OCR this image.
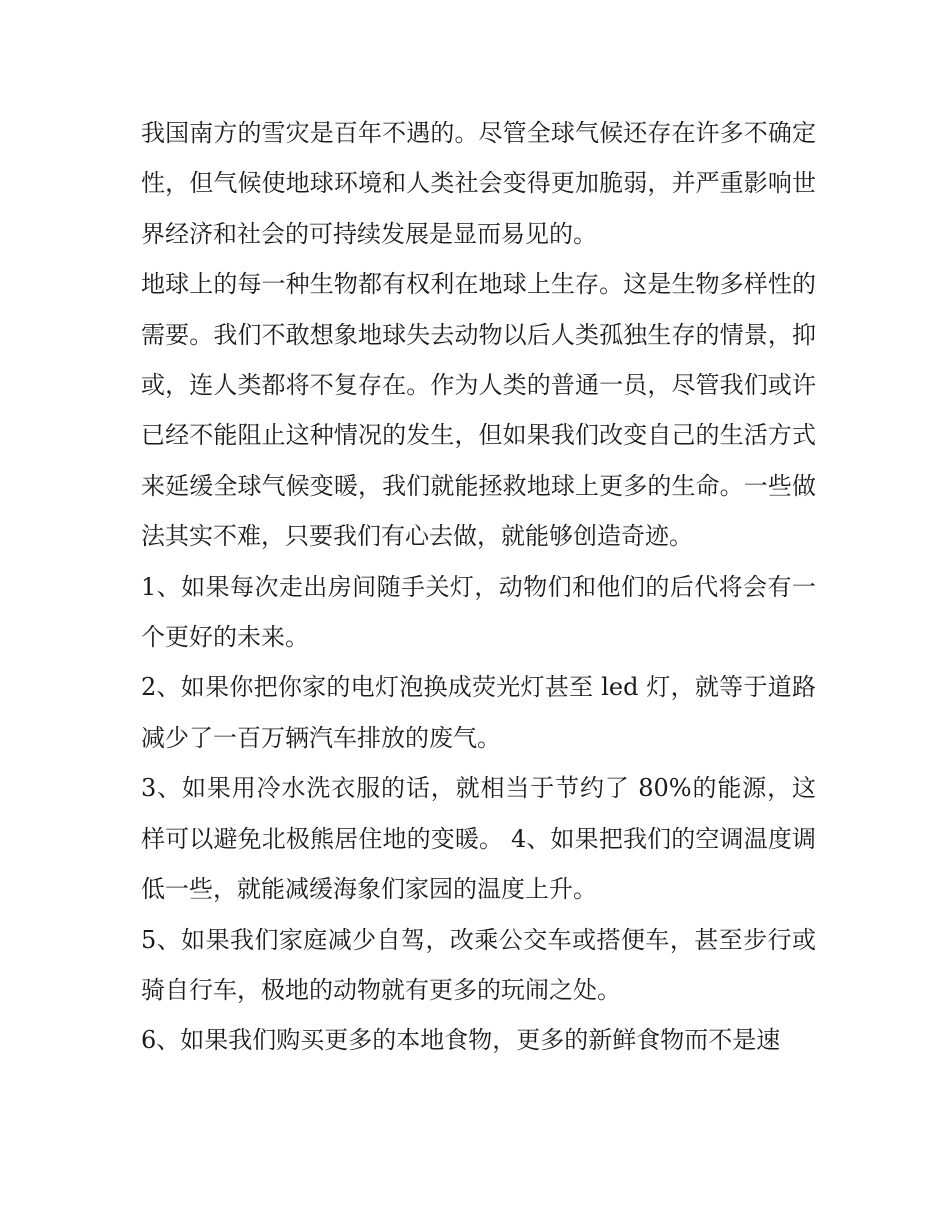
我国南方的雪灾是百年不遇的。尽管全球气候还存在许多不确定性，但气候使地球环境和人类社会变得更加脆弱，并严重影响世界经济和社会的可持续发展是显而易见的。

地球上的每一种生物都有权利在地球上生存。这是生物多样性的需要。我们不敢想象地球失去动物以后人类孤独生存的情景，抑或，连人类都将不复存在。作为人类的普通一员，尽管我们或许已经不能阻止这种情况的发生，但如果我们改变自己的生活方式来延缓全球气候变暖，我们就能拯救地球上更多的生命。一些做法其实不难，只要我们有心去做，就能够创造奇迹。

1、如果每次走出房间随手关灯，动物们和他们的后代将会有一个更好的未来。

2、如果你把你家的电灯泡换成荧光灯甚至 led 灯，就等于道路减少了一百万辆汽车排放的废气。

3、如果用冷水洗衣服的话，就相当于节约了 80%的能源，这样可以避免北极熊居住地的变暖。 4、如果把我们的空调温度调低一些，就能减缓海象们家园的温度上升。

5、如果我们家庭减少自驾，改乘公交车或搭便车，甚至步行或骑自行车，极地的动物就有更多的玩闹之处。

6、如果我们购买更多的本地食物，更多的新鲜食物而不是速
